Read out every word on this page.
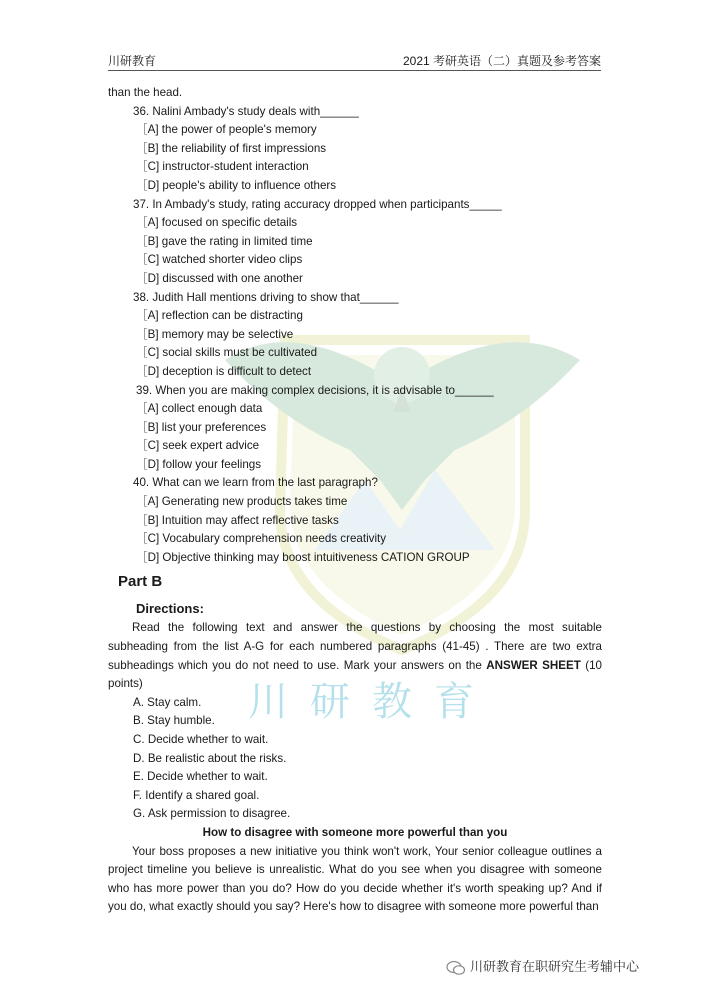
川研教育	2021 考研英语（二）真题及参考答案
川研教育
than the head.
36. Nalini Ambady's study deals with______
［A] the power of people's memory
［B] the reliability of first impressions
［C] instructor-student interaction
［D] people's ability to influence others
37. In Ambady's study, rating accuracy dropped when participants_____
［A] focused on specific details
［B] gave the rating in limited time
［C] watched shorter video clips
［D] discussed with one another
38. Judith Hall mentions driving to show that______
［A] reflection can be distracting
［B] memory may be selective
［C] social skills must be cultivated
［D] deception is difficult to detect
39. When you are making complex decisions, it is advisable to______
［A] collect enough data
［B] list your preferences
［C] seek expert advice
［D] follow your feelings
40. What can we learn from the last paragraph?
［A] Generating new products takes time
［B] Intuition may affect reflective tasks
［C] Vocabulary comprehension needs creativity
［D] Objective thinking may boost intuitiveness CATION GROUP
Part B
Directions:
Read the following text and answer the questions by choosing the most suitable subheading from the list A-G for each numbered paragraphs (41-45) . There are two extra subheadings which you do not need to use. Mark your answers on the ANSWER SHEET (10 points)
A. Stay calm.
B. Stay humble.
C. Decide whether to wait.
D. Be realistic about the risks.
E. Decide whether to wait.
F. Identify a shared goal.
G. Ask permission to disagree.
How to disagree with someone more powerful than you
Your boss proposes a new initiative you think won't work, Your senior colleague outlines a project timeline you believe is unrealistic. What do you see when you disagree with someone who has more power than you do? How do you decide whether it's worth speaking up? And if you do, what exactly should you say? Here's how to disagree with someone more powerful than
川研教育在职研究生考辅中心
